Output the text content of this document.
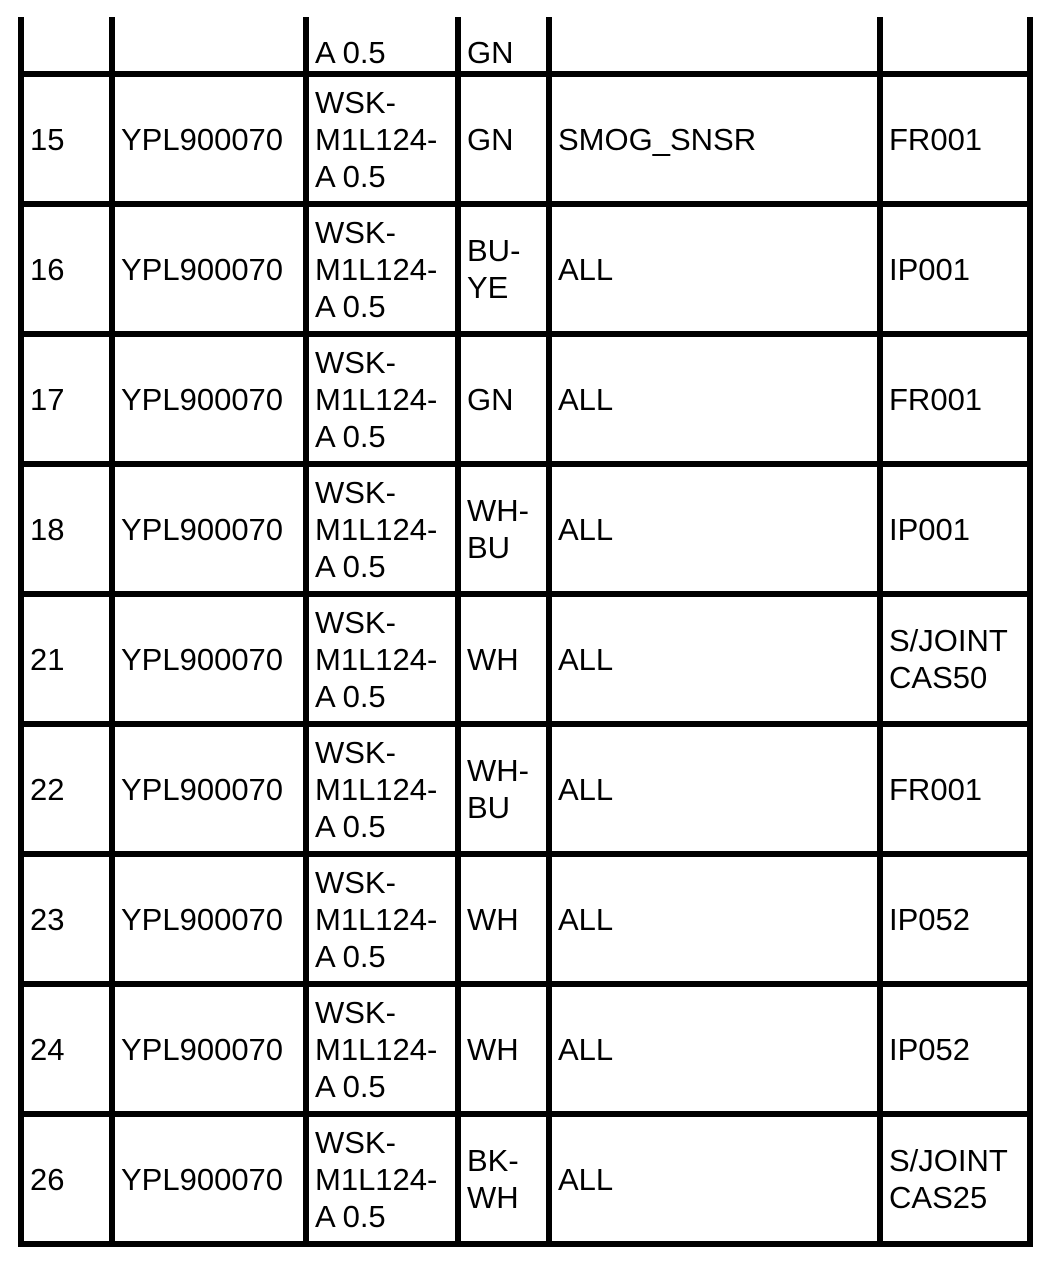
		A 0.5	GN		

15	YPL900070	WSK-
M1L124-
A 0.5	GN	SMOG_SNSR	FR001

16	YPL900070	WSK-
M1L124-
A 0.5	BU-
YE	ALL	IP001

17	YPL900070	WSK-
M1L124-
A 0.5	GN	ALL	FR001

18	YPL900070	WSK-
M1L124-
A 0.5	WH-
BU	ALL	IP001

21	YPL900070	WSK-
M1L124-
A 0.5	WH	ALL	S/JOINT
CAS50

22	YPL900070	WSK-
M1L124-
A 0.5	WH-
BU	ALL	FR001

23	YPL900070	WSK-
M1L124-
A 0.5	WH	ALL	IP052

24	YPL900070	WSK-
M1L124-
A 0.5	WH	ALL	IP052

26	YPL900070	WSK-
M1L124-
A 0.5	BK-
WH	ALL	S/JOINT
CAS25
